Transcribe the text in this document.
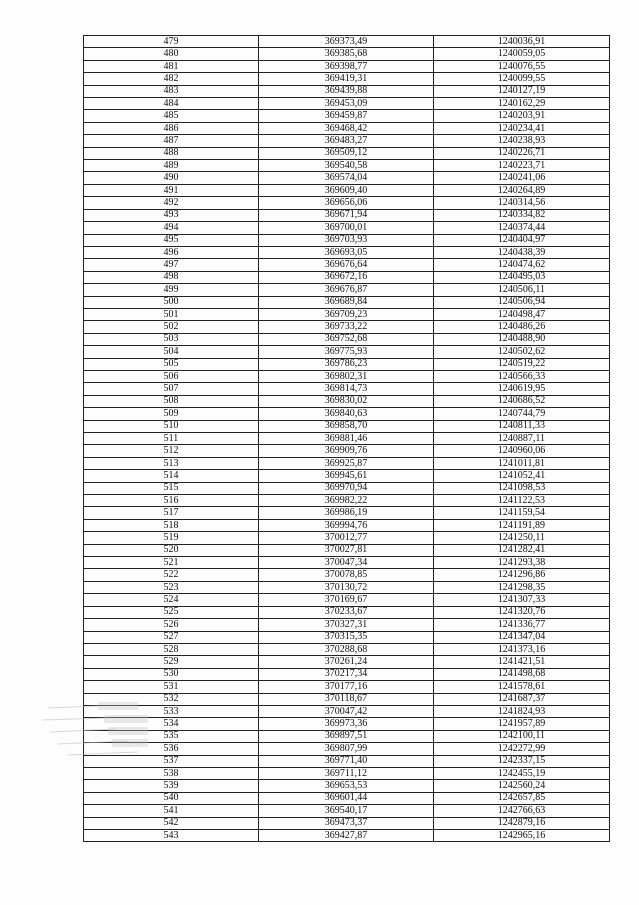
479	369373,49	1240036,91
480	369385,68	1240059,05
481	369398,77	1240076,55
482	369419,31	1240099,55
483	369439,88	1240127,19
484	369453,09	1240162,29
485	369459,87	1240203,91
486	369468,42	1240234,41
487	369483,27	1240238,93
488	369509,12	1240226,71
489	369540,58	1240223,71
490	369574,04	1240241,06
491	369609,40	1240264,89
492	369656,06	1240314,56
493	369671,94	1240334,82
494	369700,01	1240374,44
495	369703,93	1240404,97
496	369693,05	1240438,39
497	369676,64	1240474,62
498	369672,16	1240495,03
499	369676,87	1240506,11
500	369689,84	1240506,94
501	369709,23	1240498,47
502	369733,22	1240486,26
503	369752,68	1240488,90
504	369775,93	1240502,62
505	369786,23	1240519,22
506	369802,31	1240566,33
507	369814,73	1240619,95
508	369830,02	1240686,52
509	369840,63	1240744,79
510	369858,70	1240811,33
511	369881,46	1240887,11
512	369909,76	1240960,06
513	369925,87	1241011,81
514	369945,61	1241052,41
515	369970,94	1241098,53
516	369982,22	1241122,53
517	369986,19	1241159,54
518	369994,76	1241191,89
519	370012,77	1241250,11
520	370027,81	1241282,41
521	370047,34	1241293,38
522	370078,85	1241296,86
523	370130,72	1241298,35
524	370169,67	1241307,33
525	370233,67	1241320,76
526	370327,31	1241336,77
527	370315,35	1241347,04
528	370288,68	1241373,16
529	370261,24	1241421,51
530	370217,34	1241498,68
531	370177,16	1241578,61
532	370118,67	1241687,37
533	370047,42	1241824,93
534	369973,36	1241957,89
535	369897,51	1242100,11
536	369807,99	1242272,99
537	369771,40	1242337,15
538	369711,12	1242455,19
539	369653,53	1242560,24
540	369601,44	1242657,85
541	369540,17	1242766,63
542	369473,37	1242879,16
543	369427,87	1242965,16
